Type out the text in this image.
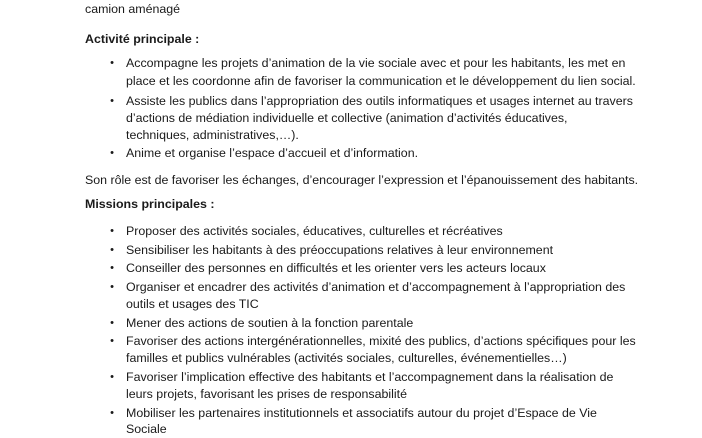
camion aménagé
Activité principale :
• Accompagne les projets d’animation de la vie sociale avec et pour les habitants, les met en
place et les coordonne afin de favoriser la communication et le développement du lien social.
• Assiste les publics dans l’appropriation des outils informatiques et usages internet au travers
d’actions de médiation individuelle et collective (animation d’activités éducatives,
techniques, administratives,…).
• Anime et organise l’espace d’accueil et d’information.
Son rôle est de favoriser les échanges, d’encourager l’expression et l’épanouissement des habitants.
Missions principales :
• Proposer des activités sociales, éducatives, culturelles et récréatives
• Sensibiliser les habitants à des préoccupations relatives à leur environnement
• Conseiller des personnes en difficultés et les orienter vers les acteurs locaux
• Organiser et encadrer des activités d’animation et d’accompagnement à l’appropriation des
outils et usages des TIC
• Mener des actions de soutien à la fonction parentale
• Favoriser des actions intergénérationnelles, mixité des publics, d’actions spécifiques pour les
familles et publics vulnérables (activités sociales, culturelles, événementielles…)
• Favoriser l’implication effective des habitants et l’accompagnement dans la réalisation de
leurs projets, favorisant les prises de responsabilité
• Mobiliser les partenaires institutionnels et associatifs autour du projet d’Espace de Vie
Sociale
